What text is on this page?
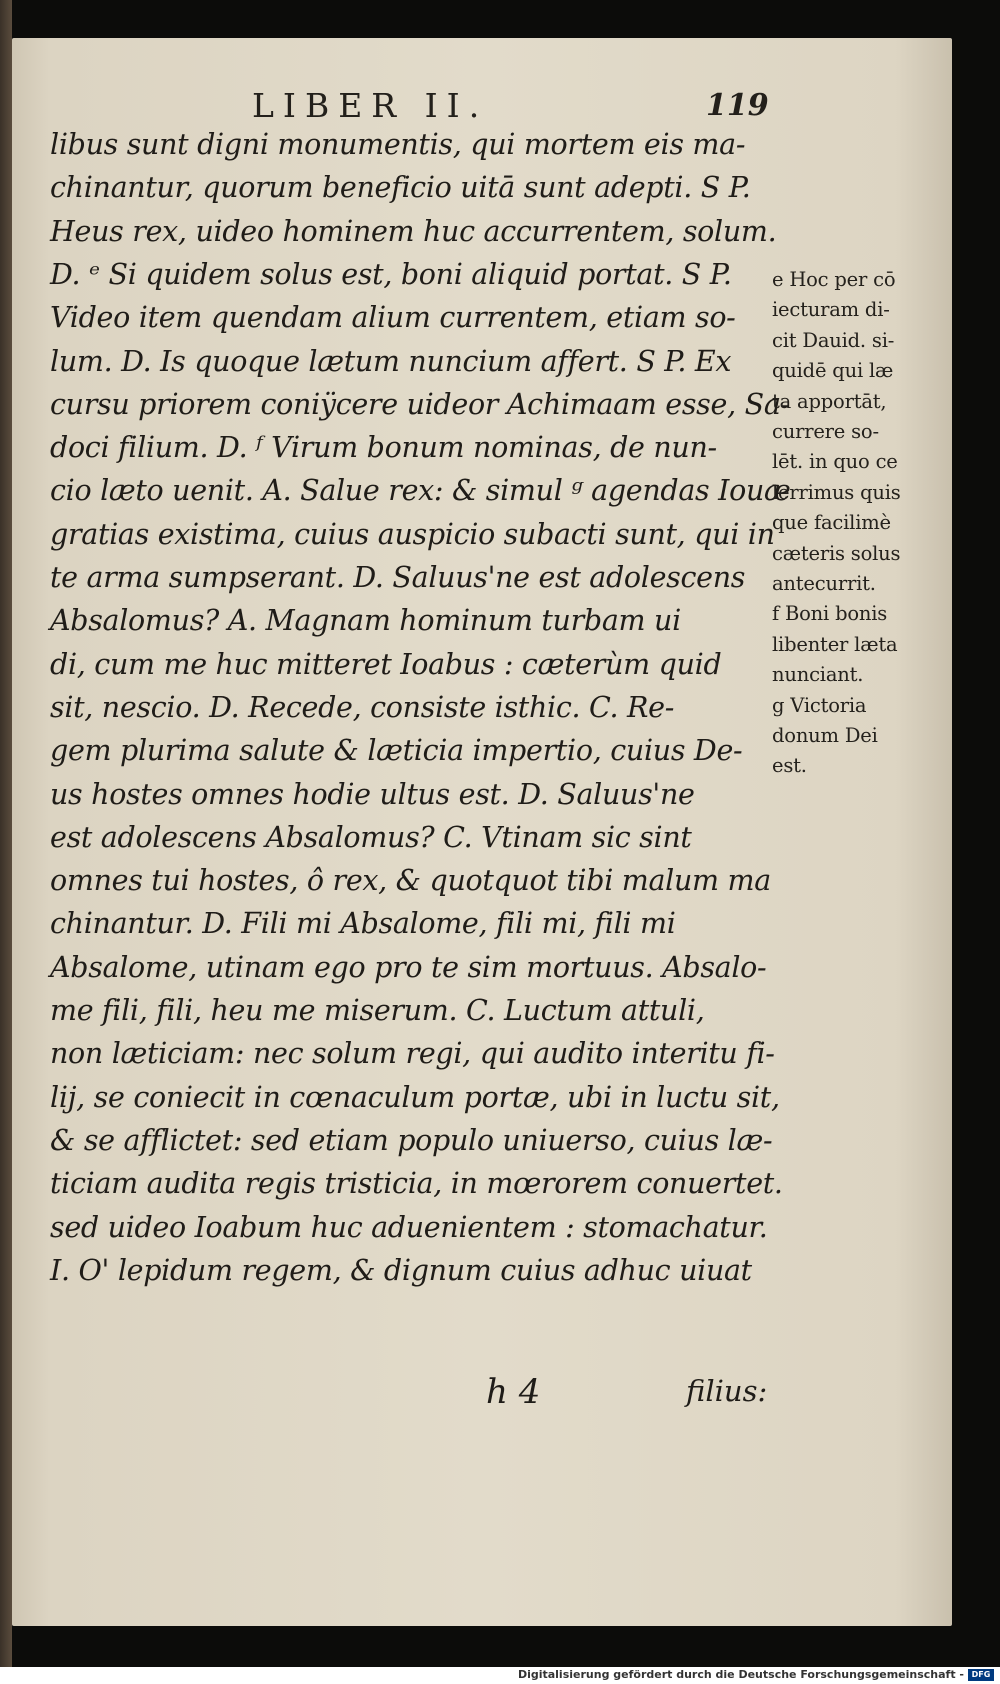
LIBER II.	119
libus sunt digni monumentis, qui mortem eis ma-
chinantur, quorum beneficio uitā sunt adepti. S P.
Heus rex, uideo hominem huc accurrentem, solum.
D. ᵉ Si quidem solus est, boni aliquid portat. S P.
Video item quendam alium currentem, etiam so-
lum. D. Is quoque lætum nuncium affert. S P. Ex
cursu priorem coniÿcere uideor Achimaam esse, Sa-
doci filium. D. ᶠ Virum bonum nominas, de nun-
cio læto uenit. A. Salue rex: & simul ᵍ agendas Iouæ
gratias existima, cuius auspicio subacti sunt, qui in
te arma sumpserant. D. Saluus'ne est adolescens
Absalomus? A. Magnam hominum turbam ui
di, cum me huc mitteret Ioabus : cæterùm quid
sit, nescio. D. Recede, consiste isthic. C. Re-
gem plurima salute & læticia impertio, cuius De-
us hostes omnes hodie ultus est. D. Saluus'ne
est adolescens Absalomus? C. Vtinam sic sint
omnes tui hostes, ô rex, & quotquot tibi malum ma
chinantur. D. Fili mi Absalome, fili mi, fili mi
Absalome, utinam ego pro te sim mortuus. Absalo-
me fili, fili, heu me miserum. C. Luctum attuli,
non læticiam: nec solum regi, qui audito interitu fi-
lij, se coniecit in cœnaculum portæ, ubi in luctu sit,
& se afflictet: sed etiam populo uniuerso, cuius læ-
ticiam audita regis tristicia, in mœrorem conuertet.
sed uideo Ioabum huc aduenientem : stomachatur.
I. O' lepidum regem, & dignum cuius adhuc uiuat
e Hoc per cō
iecturam di-
cit Dauid. si-
quidē qui læ
ta apportāt,
currere so-
lēt. in quo ce
lerrimus quis
que facilimè
cæteris solus
antecurrit.
f Boni bonis
libenter læta
nunciant.
g Victoria
donum Dei
est.
h 4	filius:
Digitalisierung gefördert durch die Deutsche Forschungsgemeinschaft - DFG
